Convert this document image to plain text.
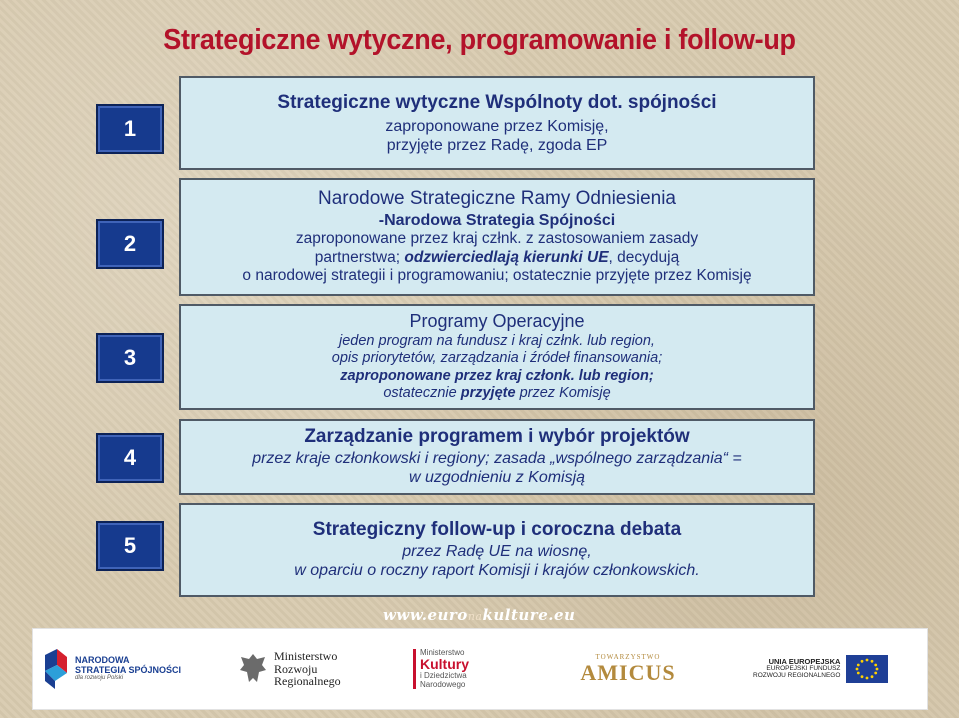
Strategiczne wytyczne, programowanie i follow-up
1
Strategiczne wytyczne Wspólnoty dot. spójności
zaproponowane przez Komisję,
przyjęte przez Radę, zgoda EP
2
Narodowe Strategiczne Ramy Odniesienia
-Narodowa Strategia Spójności
zaproponowane przez kraj człnk. z zastosowaniem zasady
partnerstwa; odzwierciedlają kierunki UE, decydują
o narodowej strategii i programowaniu; ostatecznie przyjęte przez Komisję
3
Programy Operacyjne
jeden program na fundusz i kraj człnk. lub region,
opis priorytetów, zarządzania i źródeł finansowania;
zaproponowane przez kraj członk. lub region;
ostatecznie przyjęte przez Komisję
4
Zarządzanie programem i wybór projektów
przez kraje członkowski i regiony; zasada „wspólnego zarządzania“ =
w uzgodnieniu z Komisją
5
Strategiczny follow-up i coroczna debata
przez Radę UE na wiosnę,
w oparciu o roczny raport Komisji i krajów członkowskich.
www.euronakulture.eu
NARODOWA
STRATEGIA SPÓJNOŚCI
dla rozwoju Polski
Ministerstwo
Rozwoju
Regionalnego
Ministerstwo
Kultury
i Dziedzictwa
Narodowego
TOWARZYSTWO
AMICUS	UNIA EUROPEJSKA
EUROPEJSKI FUNDUSZ
ROZWOJU REGIONALNEGO
